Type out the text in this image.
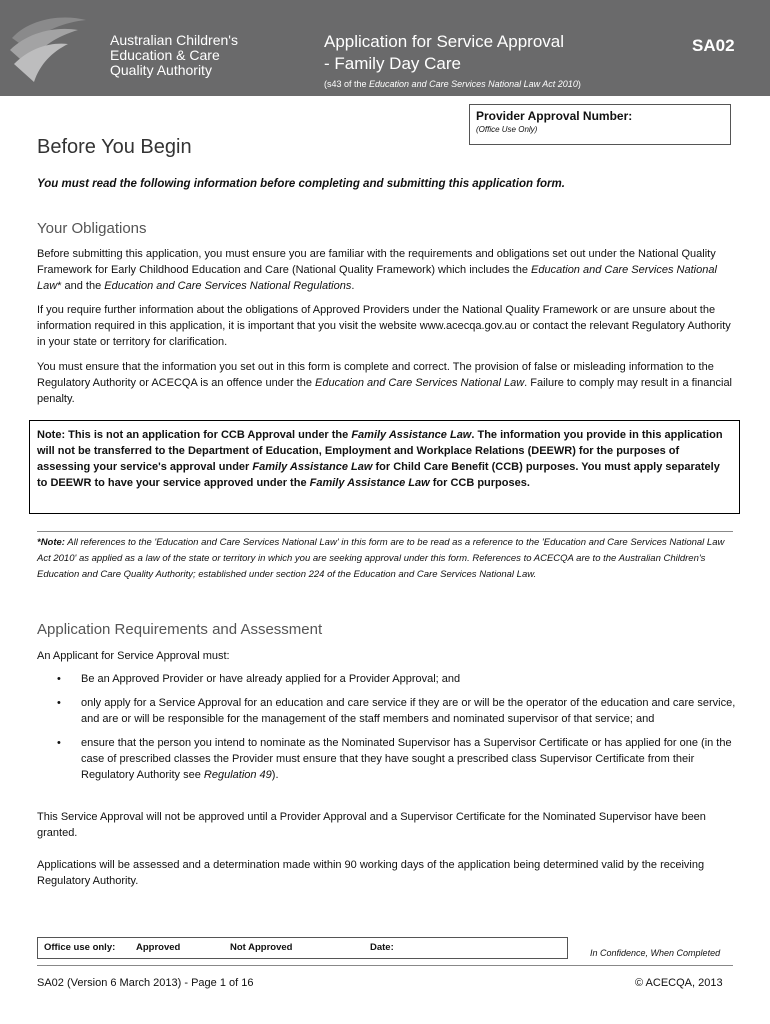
Australian Children's
Education & Care
Quality Authority
Application for Service Approval
- Family Day Care
(s43 of the Education and Care Services National Law Act 2010)
SA02
Provider Approval Number:
(Office Use Only)
Before You Begin

You must read the following information before completing and submitting this application form.

Your Obligations

Before submitting this application, you must ensure you are familiar with the requirements and obligations set out under the National Quality Framework for Early Childhood Education and Care (National Quality Framework) which includes the Education and Care Services National Law* and the Education and Care Services National Regulations.

If you require further information about the obligations of Approved Providers under the National Quality Framework or are unsure about the information required in this application, it is important that you visit the website www.acecqa.gov.au or contact the relevant Regulatory Authority in your state or territory for clarification.

You must ensure that the information you set out in this form is complete and correct. The provision of false or misleading information to the Regulatory Authority or ACECQA is an offence under the Education and Care Services National Law. Failure to comply may result in a financial penalty.

Note: This is not an application for CCB Approval under the Family Assistance Law. The information you provide in this application will not be transferred to the Department of Education, Employment and Workplace Relations (DEEWR) for the purposes of assessing your service's approval under Family Assistance Law for Child Care Benefit (CCB) purposes. You must apply separately to DEEWR to have your service approved under the Family Assistance Law for CCB purposes.

*Note: All references to the 'Education and Care Services National Law' in this form are to be read as a reference to the 'Education and Care Services National Law Act 2010' as applied as a law of the state or territory in which you are seeking approval under this form. References to ACECQA are to the Australian Children's Education and Care Quality Authority; established under section 224 of the Education and Care Services National Law.

Application Requirements and Assessment

An Applicant for Service Approval must:

• Be an Approved Provider or have already applied for a Provider Approval; and
• only apply for a Service Approval for an education and care service if they are or will be the operator of the education and care service, and are or will be responsible for the management of the staff members and nominated supervisor of that service; and
• ensure that the person you intend to nominate as the Nominated Supervisor has a Supervisor Certificate or has applied for one (in the case of prescribed classes the Provider must ensure that they have sought a prescribed class Supervisor Certificate from their Regulatory Authority see Regulation 49).

This Service Approval will not be approved until a Provider Approval and a Supervisor Certificate for the Nominated Supervisor have been granted.

Applications will be assessed and a determination made within 90 working days of the application being determined valid by the receiving Regulatory Authority.

Office use only: Approved	Not Approved	Date:	In Confidence, When Completed
SA02 (Version 6 March 2013) - Page 1 of 16	© ACECQA, 2013
